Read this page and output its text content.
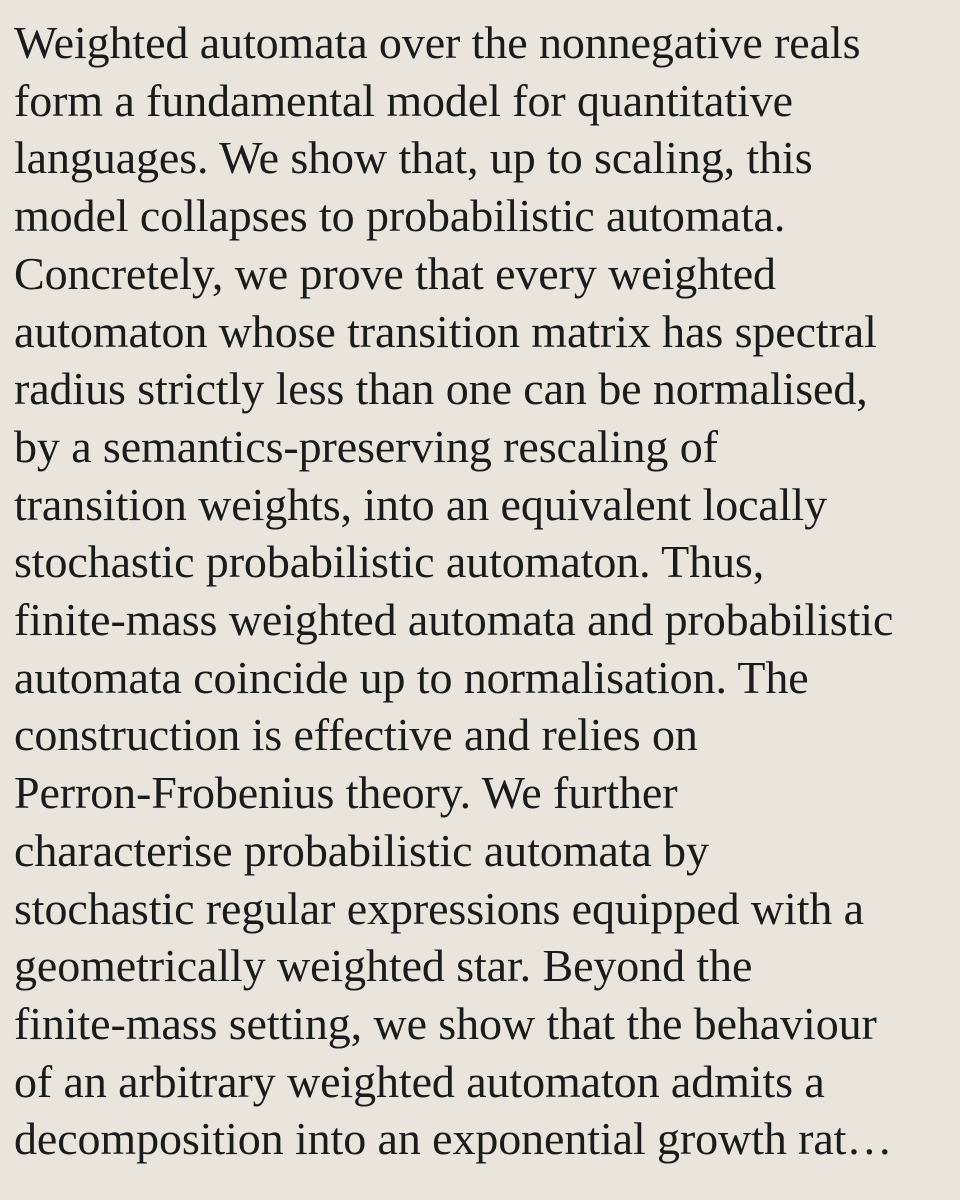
Weighted automata over the nonnegative reals
form a fundamental model for quantitative
languages. We show that, up to scaling, this
model collapses to probabilistic automata.
Concretely, we prove that every weighted
automaton whose transition matrix has spectral
radius strictly less than one can be normalised,
by a semantics-preserving rescaling of
transition weights, into an equivalent locally
stochastic probabilistic automaton. Thus,
finite-mass weighted automata and probabilistic
automata coincide up to normalisation. The
construction is effective and relies on
Perron-Frobenius theory. We further
characterise probabilistic automata by
stochastic regular expressions equipped with a
geometrically weighted star. Beyond the
finite-mass setting, we show that the behaviour
of an arbitrary weighted automaton admits a
decomposition into an exponential growth rat…
